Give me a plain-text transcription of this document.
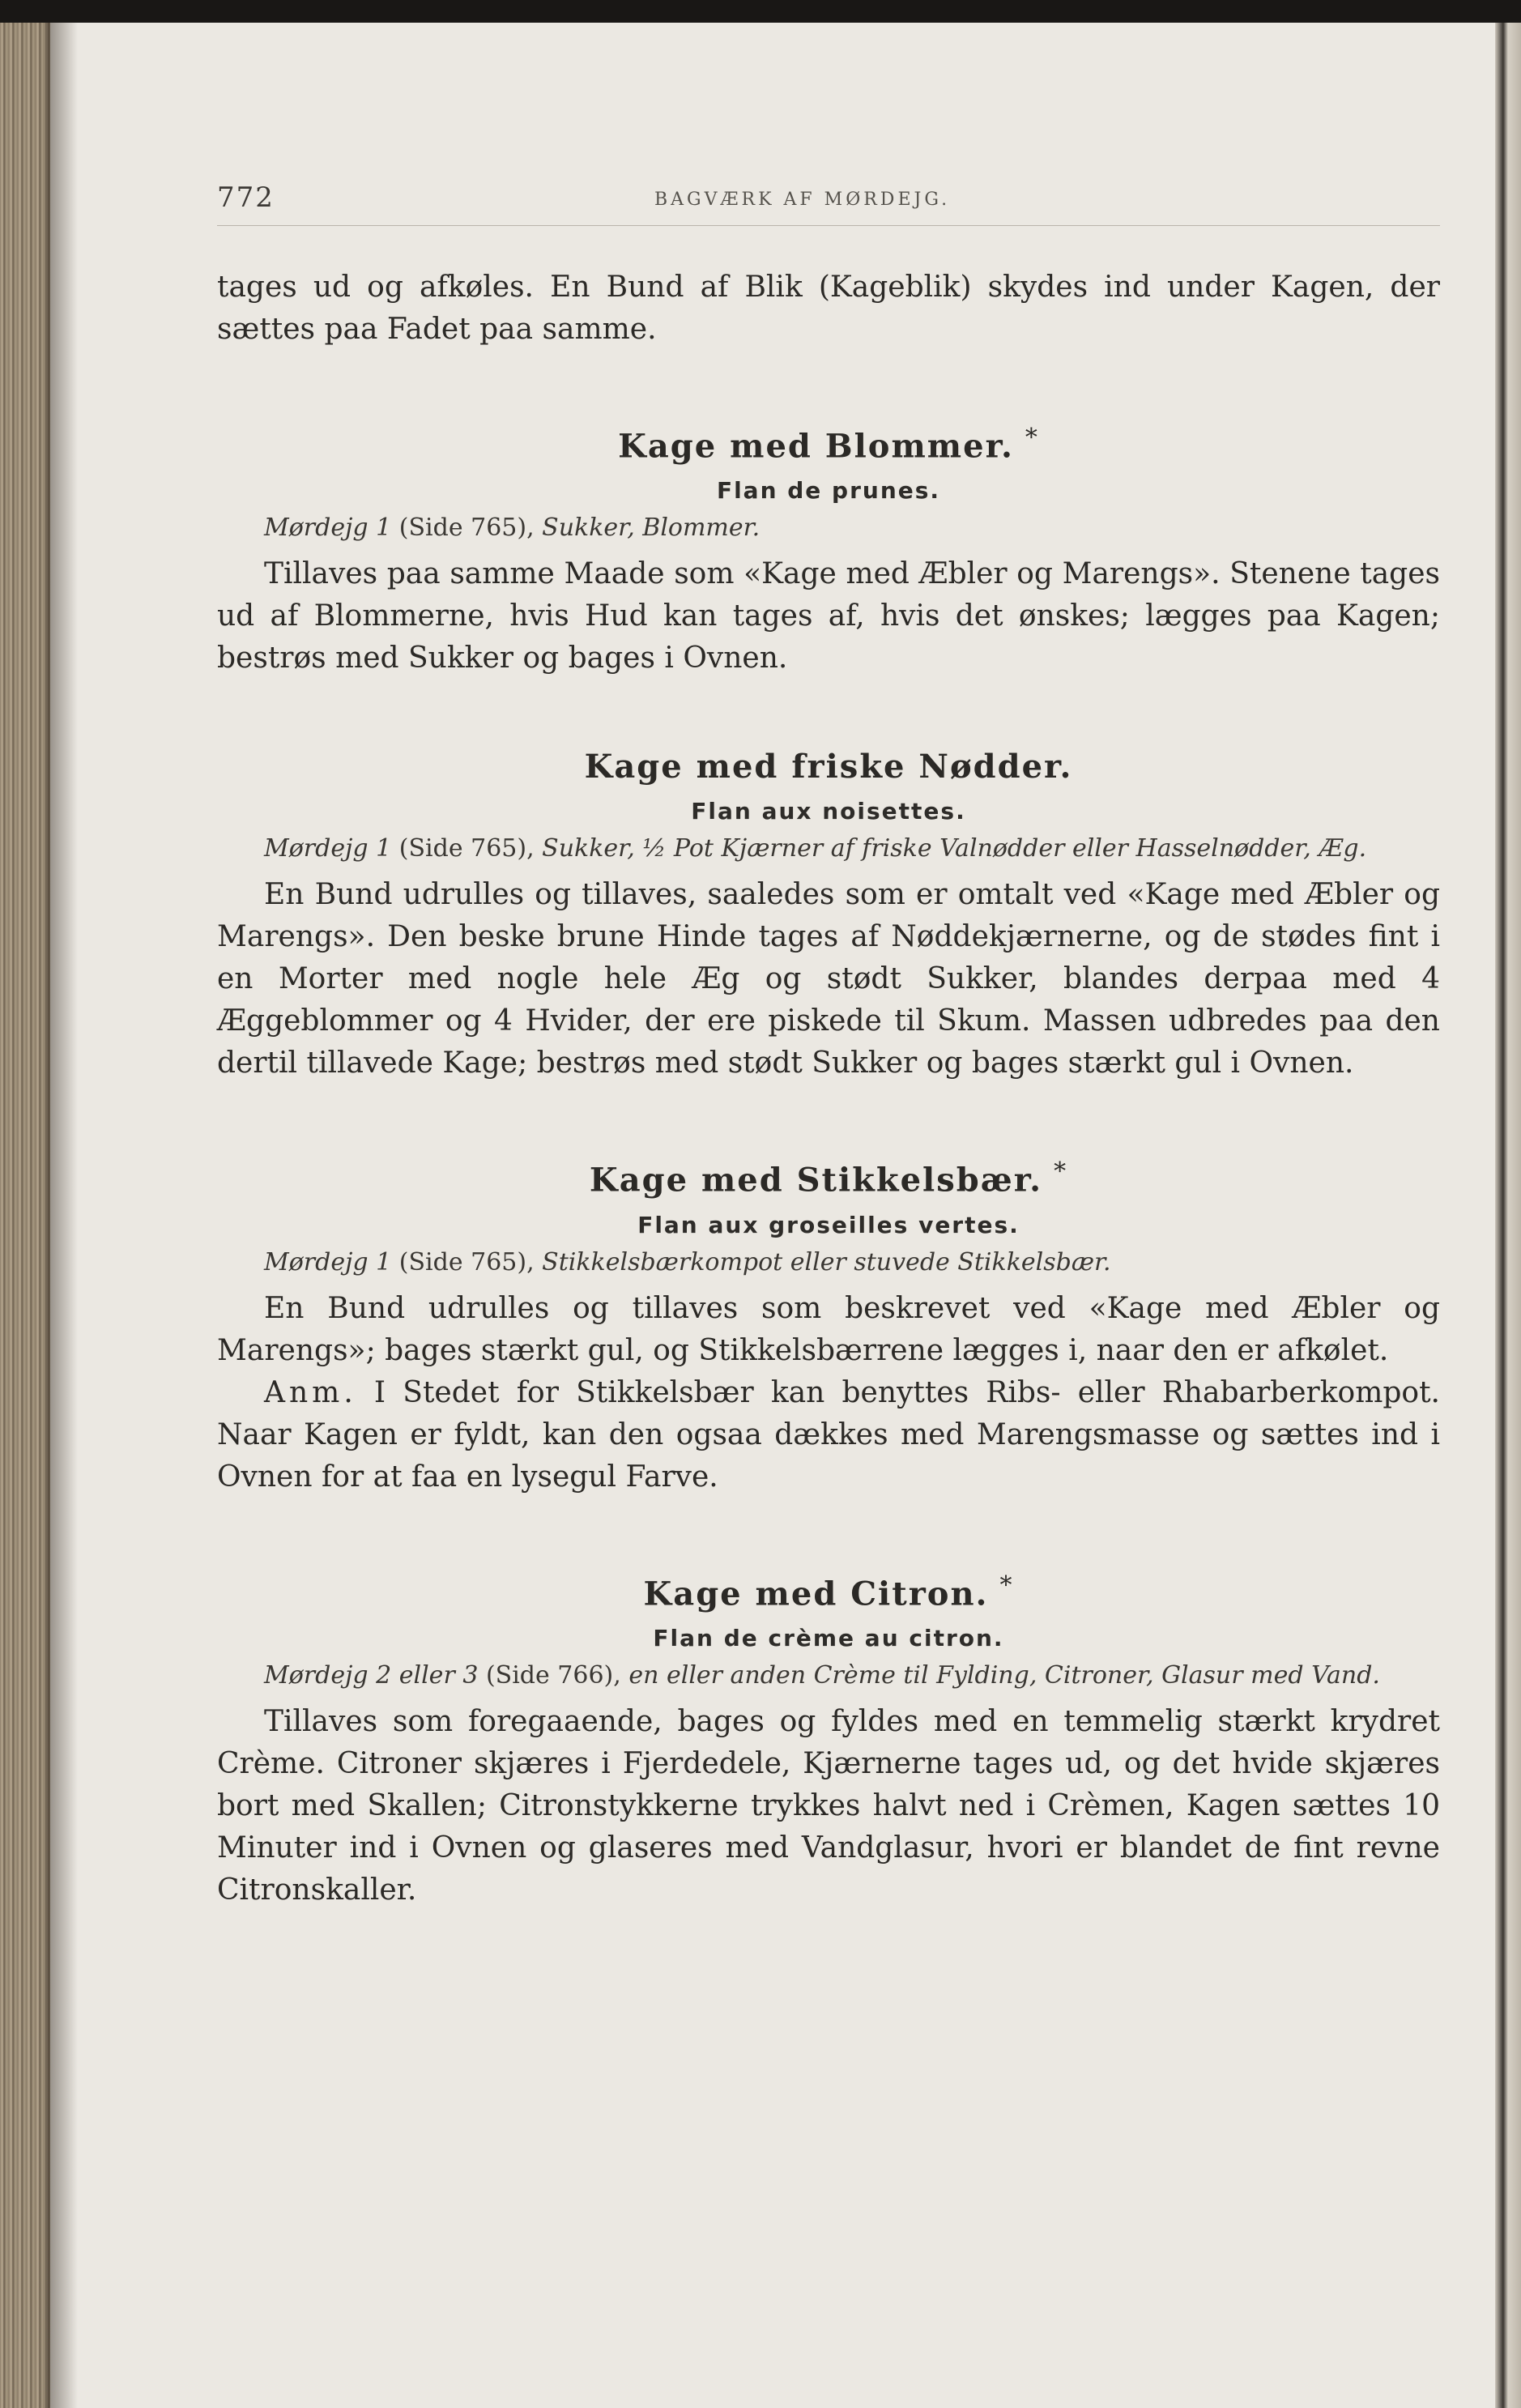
772	BAGVÆRK AF MØRDEJG.

tages ud og afkøles. En Bund af Blik (Kageblik) skydes ind under Kagen, der sættes paa Fadet paa samme.

Kage med Blommer. *
Flan de prunes.

Mørdejg 1 (Side 765), Sukker, Blommer.

Tillaves paa samme Maade som «Kage med Æbler og Marengs». Stenene tages ud af Blommerne, hvis Hud kan tages af, hvis det ønskes; lægges paa Kagen; bestrøs med Sukker og bages i Ovnen.

Kage med friske Nødder.
Flan aux noisettes.

Mørdejg 1 (Side 765), Sukker, ½ Pot Kjærner af friske Valnødder eller Hasselnødder, Æg.

En Bund udrulles og tillaves, saaledes som er omtalt ved «Kage med Æbler og Marengs». Den beske brune Hinde tages af Nøddekjærnerne, og de stødes fint i en Morter med nogle hele Æg og stødt Sukker, blandes derpaa med 4 Æggeblommer og 4 Hvider, der ere piskede til Skum. Massen udbredes paa den dertil tillavede Kage; bestrøs med stødt Sukker og bages stærkt gul i Ovnen.

Kage med Stikkelsbær. *
Flan aux groseilles vertes.

Mørdejg 1 (Side 765), Stikkelsbærkompot eller stuvede Stikkelsbær.

En Bund udrulles og tillaves som beskrevet ved «Kage med Æbler og Marengs»; bages stærkt gul, og Stikkelsbærrene lægges i, naar den er afkølet.

Anm. I Stedet for Stikkelsbær kan benyttes Ribs- eller Rhabarberkompot. Naar Kagen er fyldt, kan den ogsaa dækkes med Marengsmasse og sættes ind i Ovnen for at faa en lysegul Farve.

Kage med Citron. *
Flan de crème au citron.

Mørdejg 2 eller 3 (Side 766), en eller anden Crème til Fylding, Citroner, Glasur med Vand.

Tillaves som foregaaende, bages og fyldes med en temmelig stærkt krydret Crème. Citroner skjæres i Fjerdedele, Kjærnerne tages ud, og det hvide skjæres bort med Skallen; Citronstykkerne trykkes halvt ned i Crèmen, Kagen sættes 10 Minuter ind i Ovnen og glaseres med Vandglasur, hvori er blandet de fint revne Citronskaller.
